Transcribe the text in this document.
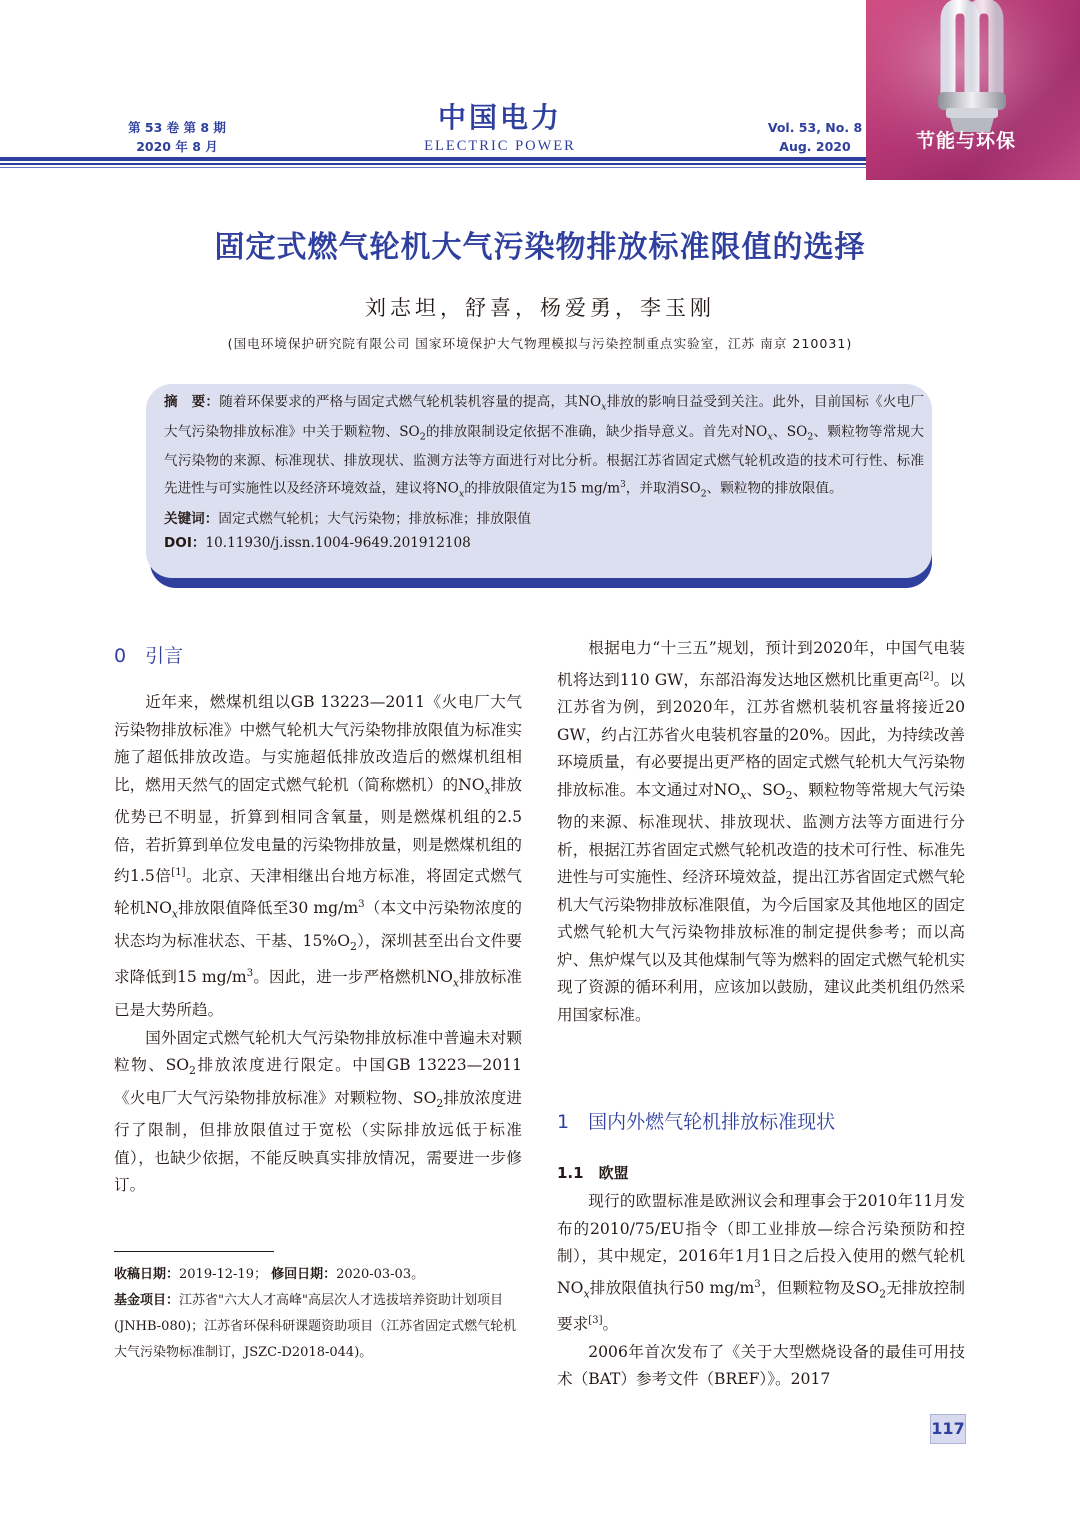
第 53 卷 第 8 期
2020 年 8 月
中国电力
ELECTRIC POWER
Vol. 53, No. 8
Aug. 2020	节能与环保
固定式燃气轮机大气污染物排放标准限值的选择
刘志坦，舒喜，杨爱勇，李玉刚
(国电环境保护研究院有限公司 国家环境保护大气物理模拟与污染控制重点实验室，江苏 南京 210031)

摘　要：随着环保要求的严格与固定式燃气轮机装机容量的提高，其$NO_x$排放的影响日益受到关注。此外，目前国标《火电厂大气污染物排放标准》中关于颗粒物、$SO_2$的排放限制设定依据不准确，缺少指导意义。首先对$NO_x$、$SO_2$、颗粒物等常规大气污染物的来源、标准现状、排放现状、监测方法等方面进行对比分析。根据江苏省固定式燃气轮机改造的技术可行性、标准先进性与可实施性以及经济环境效益，建议将$NO_x$的排放限值定为15 $mg/m^3$，并取消$SO_2$、颗粒物的排放限值。

关键词：固定式燃气轮机；大气污染物；排放标准；排放限值

DOI：10.11930/j.issn.1004-9649.201912108

0　引言

近年来，燃煤机组以GB 13223—2011《火电厂大气污染物排放标准》中燃气轮机大气污染物排放限值为标准实施了超低排放改造。与实施超低排放改造后的燃煤机组相比，燃用天然气的固定式燃气轮机（简称燃机）的$NO_x$排放优势已不明显，折算到相同含氧量，则是燃煤机组的2.5倍，若折算到单位发电量的污染物排放量，则是燃煤机组的约1.5倍[1]。北京、天津相继出台地方标准，将固定式燃气轮机$NO_x$排放限值降低至30 $mg/m^3$（本文中污染物浓度的状态均为标准状态、干基、$15\%O_2$），深圳甚至出台文件要求降低到15 $mg/m^3$。因此，进一步严格燃机$NO_x$排放标准已是大势所趋。

国外固定式燃气轮机大气污染物排放标准中普遍未对颗粒物、$SO_2$排放浓度进行限定。中国GB 13223—2011《火电厂大气污染物排放标准》对颗粒物、$SO_2$排放浓度进行了限制，但排放限值过于宽松（实际排放远低于标准值），也缺少依据，不能反映真实排放情况，需要进一步修订。

收稿日期：2019-12-19； 修回日期：2020-03-03。

基金项目：江苏省"六大人才高峰"高层次人才选拔培养资助计划项目 (JNHB-080)；江苏省环保科研课题资助项目（江苏省固定式燃气轮机大气污染物标准制订，JSZC-D2018-044)。

根据电力“十三五”规划，预计到2020年，中国气电装机将达到110 GW，东部沿海发达地区燃机比重更高[2]。以江苏省为例，到2020年，江苏省燃机装机容量将接近20 GW，约占江苏省火电装机容量的20%。因此，为持续改善环境质量，有必要提出更严格的固定式燃气轮机大气污染物排放标准。本文通过对$NO_x$、$SO_2$、颗粒物等常规大气污染物的来源、标准现状、排放现状、监测方法等方面进行分析，根据江苏省固定式燃气轮机改造的技术可行性、标准先进性与可实施性、经济环境效益，提出江苏省固定式燃气轮机大气污染物排放标准限值，为今后国家及其他地区的固定式燃气轮机大气污染物排放标准的制定提供参考；而以高炉、焦炉煤气以及其他煤制气等为燃料的固定式燃气轮机实现了资源的循环利用，应该加以鼓励，建议此类机组仍然采用国家标准。

1　国内外燃气轮机排放标准现状
1.1　欧盟

现行的欧盟标准是欧洲议会和理事会于2010年11月发布的2010/75/EU指令（即工业排放—综合污染预防和控制），其中规定，2016年1月1日之后投入使用的燃气轮机$NO_x$排放限值执行50 $mg/m^3$，但颗粒物及$SO_2$无排放控制要求[3]。

2006年首次发布了《关于大型燃烧设备的最佳可用技术（BAT）参考文件（BREF）》。2017

117
